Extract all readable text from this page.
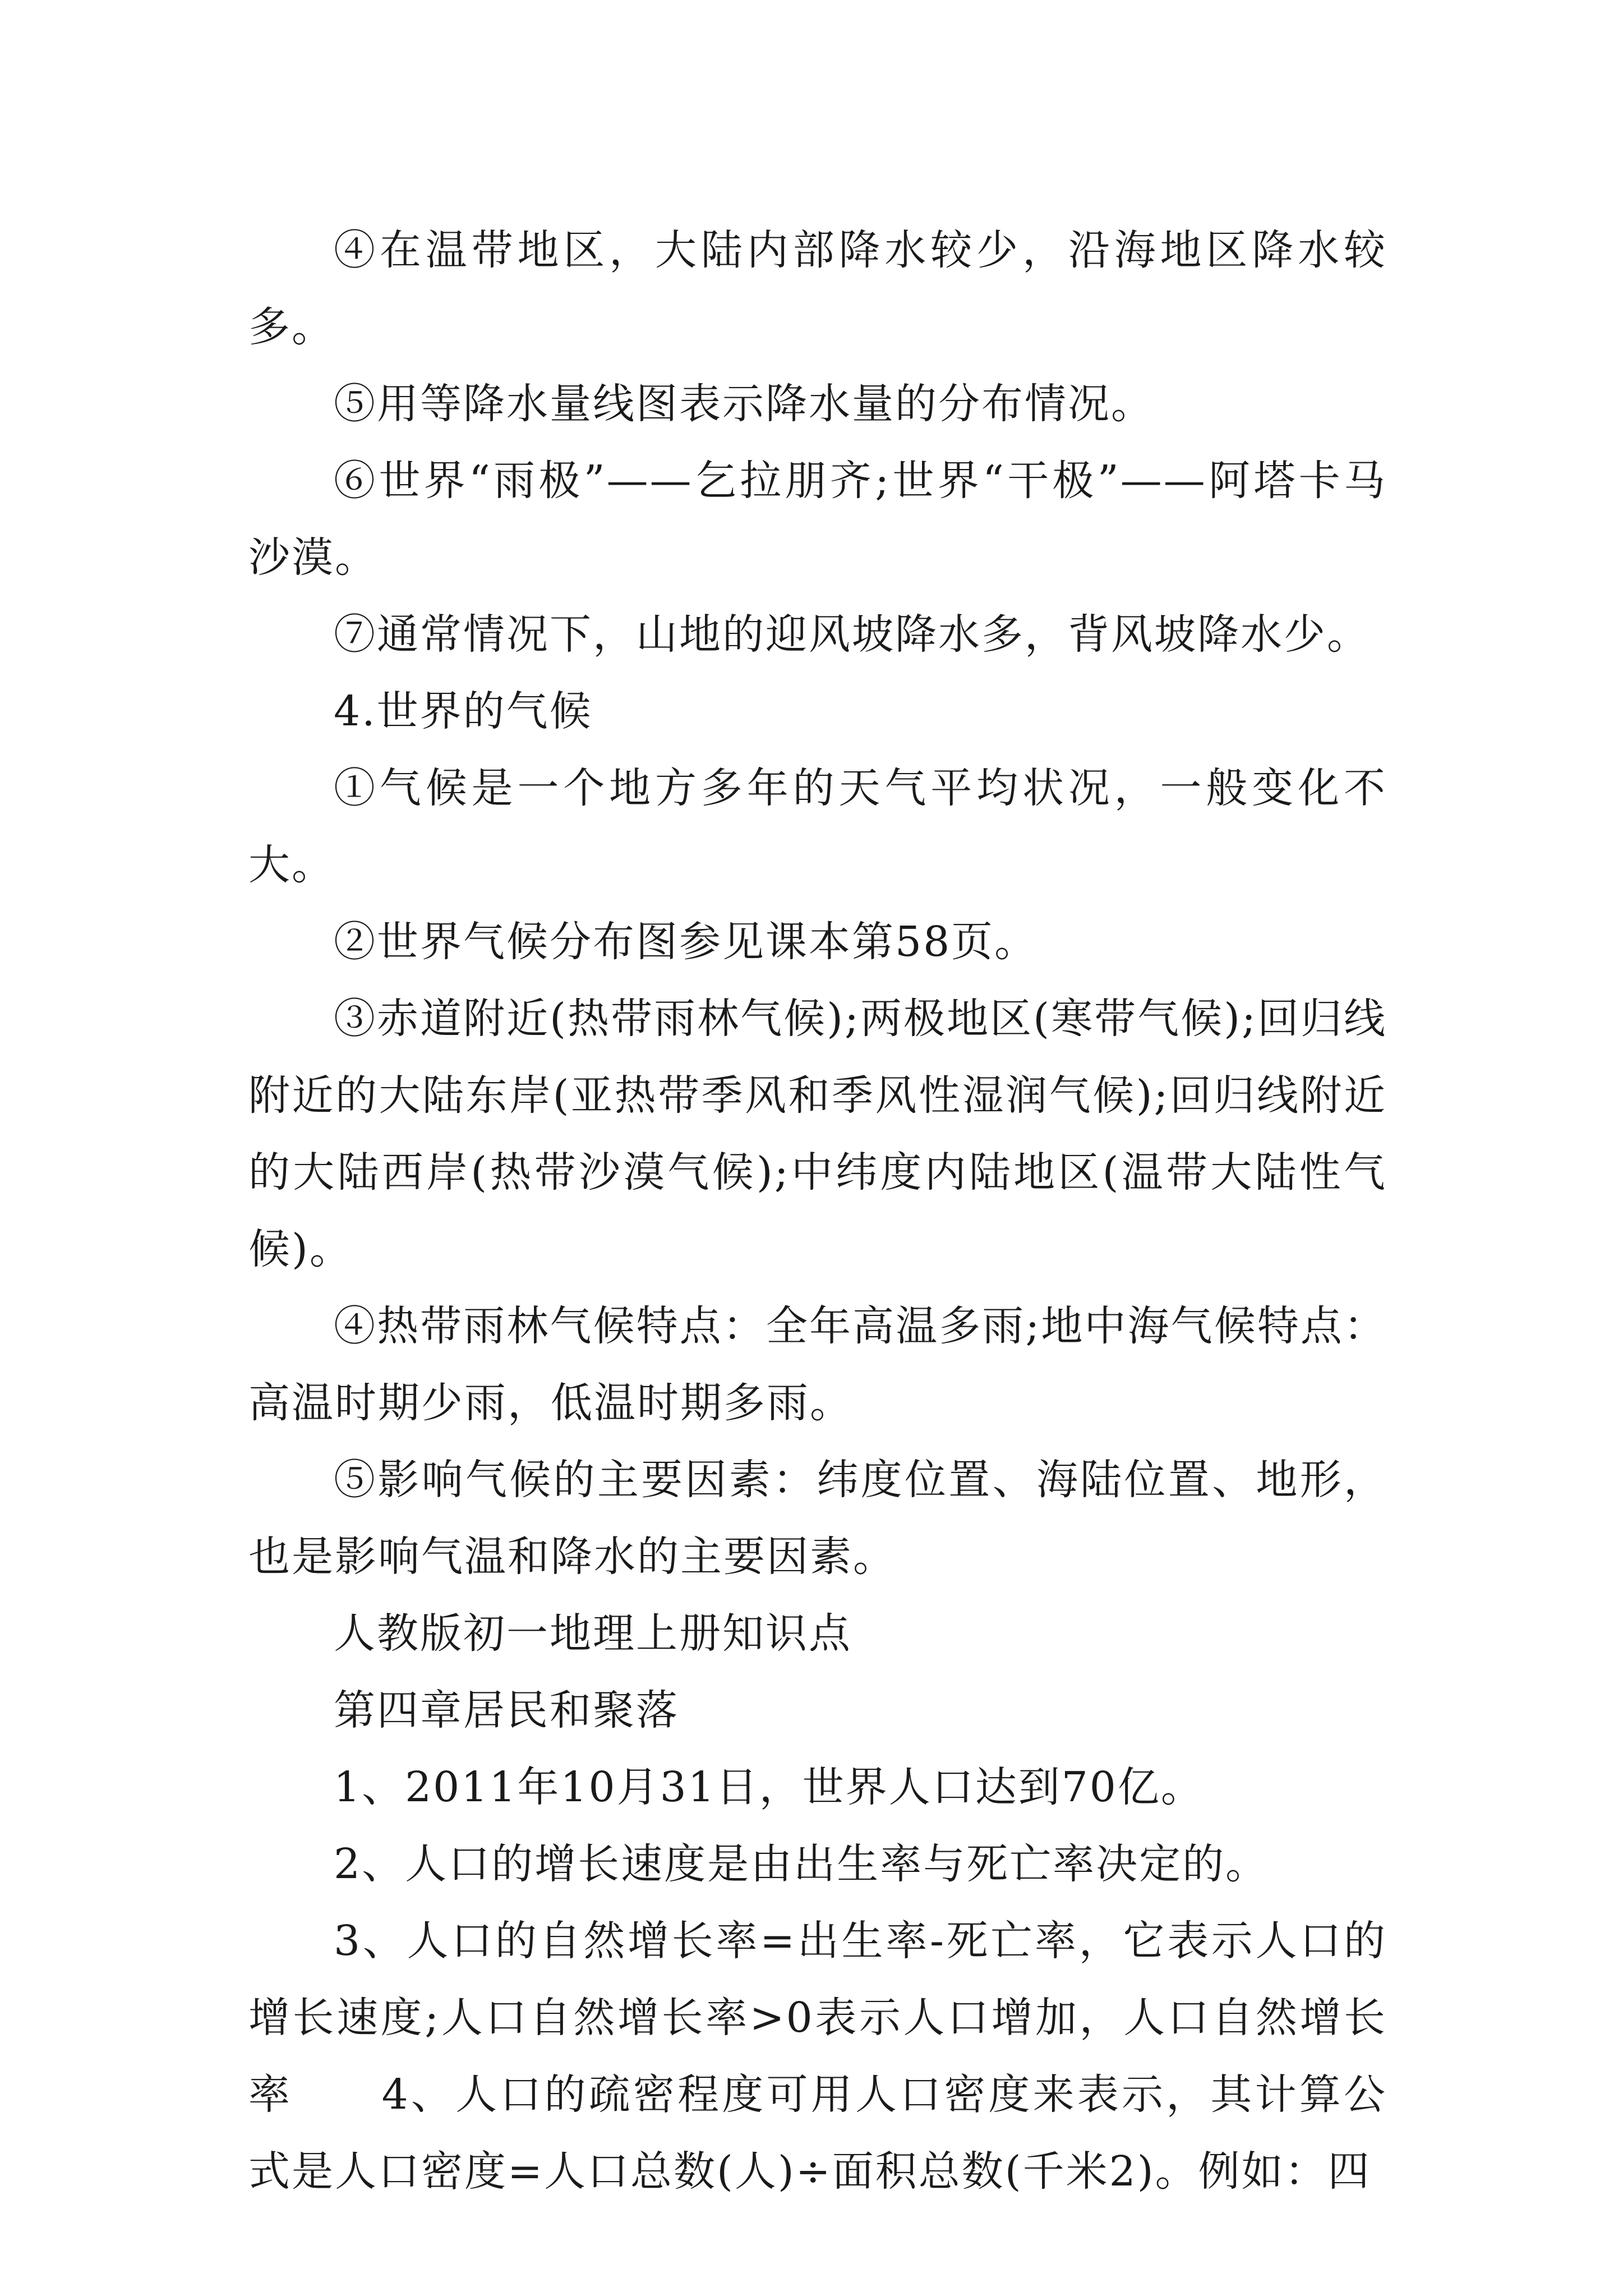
④在温带地区，大陆内部降水较少，沿海地区降水较多。

⑤用等降水量线图表示降水量的分布情况。

⑥世界“雨极”——乞拉朋齐;世界“干极”——阿塔卡马沙漠。

⑦通常情况下，山地的迎风坡降水多，背风坡降水少。

4.世界的气候

①气候是一个地方多年的天气平均状况，一般变化不大。

②世界气候分布图参见课本第58页。

③赤道附近(热带雨林气候);两极地区(寒带气候);回归线附近的大陆东岸(亚热带季风和季风性湿润气候);回归线附近的大陆西岸(热带沙漠气候);中纬度内陆地区(温带大陆性气候)。

④热带雨林气候特点：全年高温多雨;地中海气候特点：高温时期少雨，低温时期多雨。

⑤影响气候的主要因素：纬度位置、海陆位置、地形，也是影响气温和降水的主要因素。

人教版初一地理上册知识点

第四章居民和聚落

1、2011年10月31日，世界人口达到70亿。

2、人口的增长速度是由出生率与死亡率决定的。

3、人口的自然增长率=出生率-死亡率，它表示人口的增长速度;人口自然增长率>0表示人口增加，人口自然增长率　　4、人口的疏密程度可用人口密度来表示，其计算公式是人口密度=人口总数(人)÷面积总数(千米2)。例如：四
